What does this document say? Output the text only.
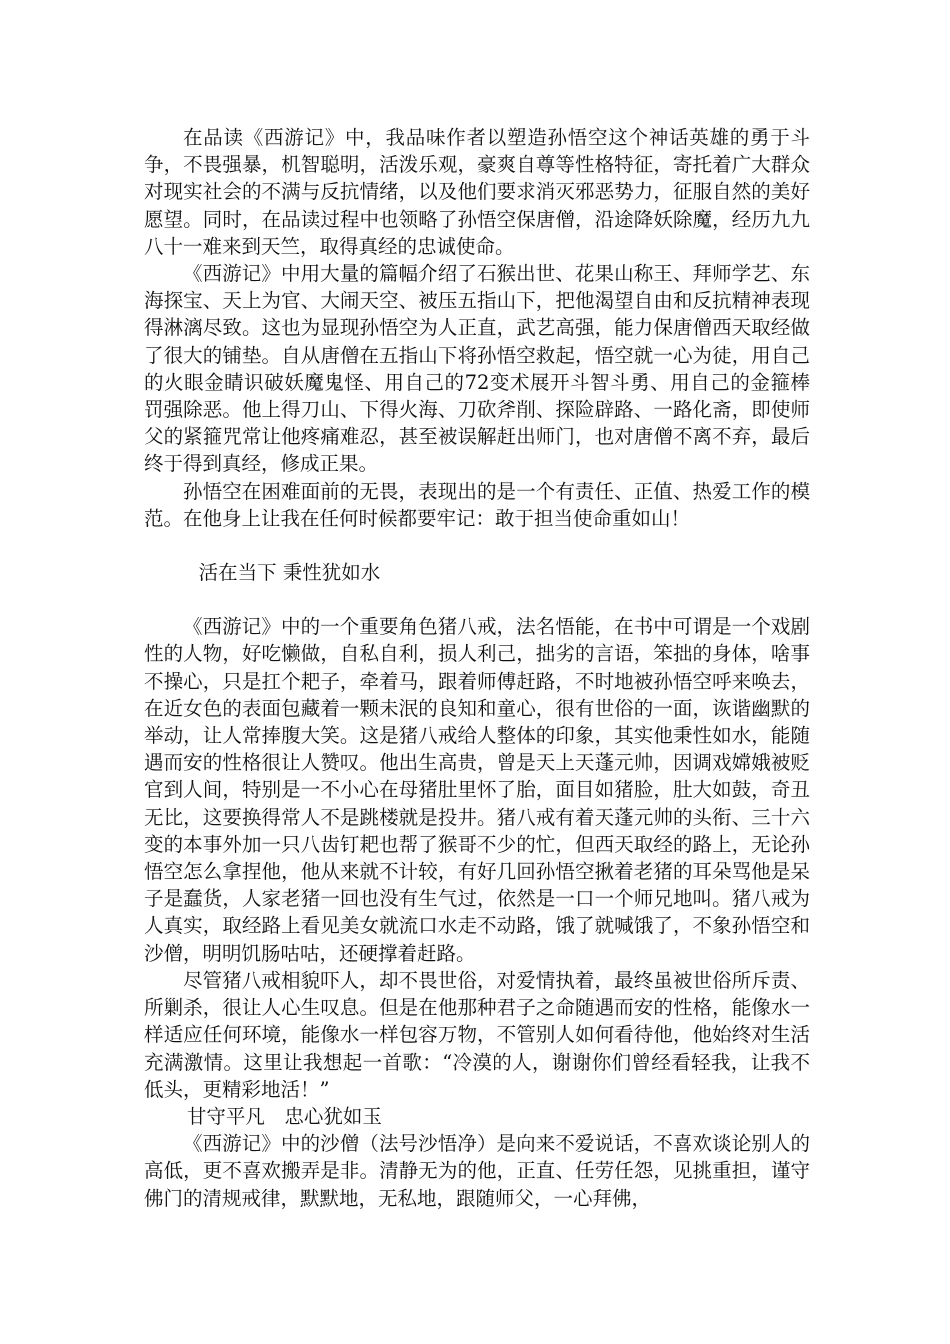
在品读《西游记》中，我品味作者以塑造孙悟空这个神话英雄的勇于斗争，不畏强暴，机智聪明，活泼乐观，豪爽自尊等性格特征，寄托着广大群众对现实社会的不满与反抗情绪，以及他们要求消灭邪恶势力，征服自然的美好愿望。同时，在品读过程中也领略了孙悟空保唐僧，沿途降妖除魔，经历九九八十一难来到天竺，取得真经的忠诚使命。

《西游记》中用大量的篇幅介绍了石猴出世、花果山称王、拜师学艺、东海探宝、天上为官、大闹天空、被压五指山下，把他渴望自由和反抗精神表现得淋漓尽致。这也为显现孙悟空为人正直，武艺高强，能力保唐僧西天取经做了很大的铺垫。自从唐僧在五指山下将孙悟空救起，悟空就一心为徒，用自己的火眼金睛识破妖魔鬼怪、用自己的72变术展开斗智斗勇、用自己的金箍棒罚强除恶。他上得刀山、下得火海、刀砍斧削、探险辟路、一路化斋，即使师父的紧箍咒常让他疼痛难忍，甚至被误解赶出师门，也对唐僧不离不弃，最后终于得到真经，修成正果。

孙悟空在困难面前的无畏，表现出的是一个有责任、正值、热爱工作的模范。在他身上让我在任何时候都要牢记：敢于担当使命重如山！

活在当下 秉性犹如水

《西游记》中的一个重要角色猪八戒，法名悟能，在书中可谓是一个戏剧性的人物，好吃懒做，自私自利，损人利己，拙劣的言语，笨拙的身体，啥事不操心，只是扛个耙子，牵着马，跟着师傅赶路，不时地被孙悟空呼来唤去，在近女色的表面包藏着一颗未泯的良知和童心，很有世俗的一面，诙谐幽默的举动，让人常捧腹大笑。这是猪八戒给人整体的印象，其实他秉性如水，能随遇而安的性格很让人赞叹。他出生高贵，曾是天上天蓬元帅，因调戏嫦娥被贬官到人间，特别是一不小心在母猪肚里怀了胎，面目如猪脸，肚大如鼓，奇丑无比，这要换得常人不是跳楼就是投井。猪八戒有着天蓬元帅的头衔、三十六变的本事外加一只八齿钉耙也帮了猴哥不少的忙，但西天取经的路上，无论孙悟空怎么拿捏他，他从来就不计较，有好几回孙悟空揪着老猪的耳朵骂他是呆子是蠢货，人家老猪一回也没有生气过，依然是一口一个师兄地叫。猪八戒为人真实，取经路上看见美女就流口水走不动路，饿了就喊饿了，不象孙悟空和沙僧，明明饥肠咕咕，还硬撑着赶路。

尽管猪八戒相貌吓人，却不畏世俗，对爱情执着，最终虽被世俗所斥责、所剿杀，很让人心生叹息。但是在他那种君子之命随遇而安的性格，能像水一样适应任何环境，能像水一样包容万物，不管别人如何看待他，他始终对生活充满激情。这里让我想起一首歌：“冷漠的人，谢谢你们曾经看轻我，让我不低头，更精彩地活！”

甘守平凡　忠心犹如玉

《西游记》中的沙僧（法号沙悟净）是向来不爱说话，不喜欢谈论别人的高低，更不喜欢搬弄是非。清静无为的他，正直、任劳任怨，见挑重担，谨守佛门的清规戒律，默默地，无私地，跟随师父，一心拜佛，
